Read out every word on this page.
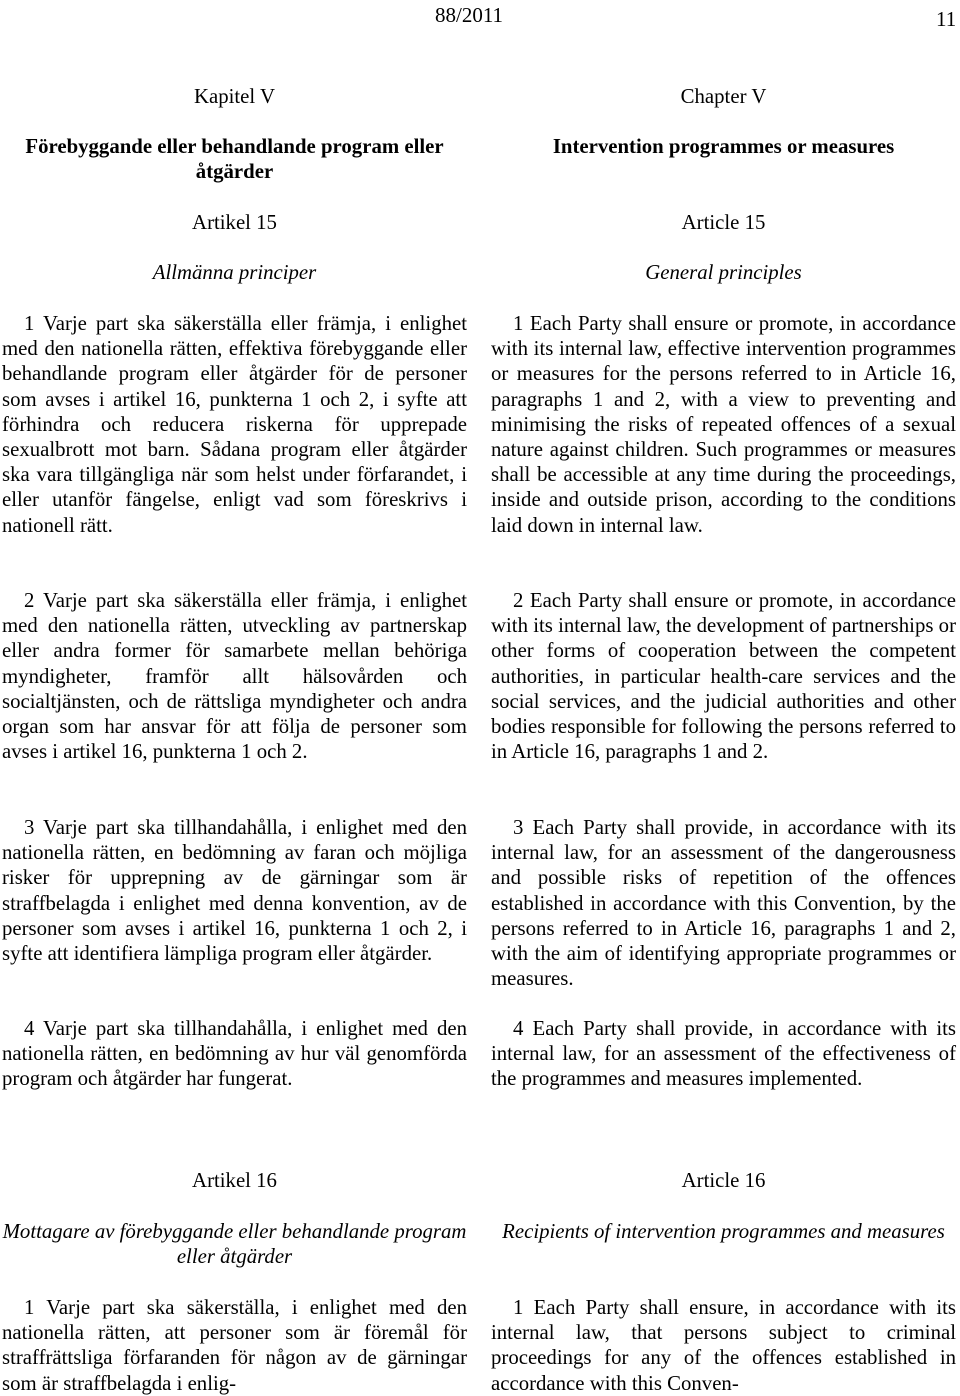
88/2011	11
Kapitel V
Förebyggande eller behandlande program eller åtgärder
Artikel 15
Allmänna principer
1 Varje part ska säkerställa eller främja, i enlighet med den nationella rätten, effektiva förebyggande eller behandlande program eller åtgärder för de personer som avses i artikel 16, punkterna 1 och 2, i syfte att förhindra och reducera riskerna för upprepade sexualbrott mot barn. Sådana program eller åtgärder ska vara tillgängliga när som helst under förfarandet, i eller utanför fängelse, enligt vad som föreskrivs i nationell rätt.
2 Varje part ska säkerställa eller främja, i enlighet med den nationella rätten, utveckling av partnerskap eller andra former för samarbete mellan behöriga myndigheter, framför allt hälsovården och socialtjänsten, och de rättsliga myndigheter och andra organ som har ansvar för att följa de personer som avses i artikel 16, punkterna 1 och 2.
3 Varje part ska tillhandahålla, i enlighet med den nationella rätten, en bedömning av faran och möjliga risker för upprepning av de gärningar som är straffbelagda i enlighet med denna konvention, av de personer som avses i artikel 16, punkterna 1 och 2, i syfte att identifiera lämpliga program eller åtgärder.
4 Varje part ska tillhandahålla, i enlighet med den nationella rätten, en bedömning av hur väl genomförda program och åtgärder har fungerat.
Artikel 16
Mottagare av förebyggande eller behandlande program eller åtgärder
1 Varje part ska säkerställa, i enlighet med den nationella rätten, att personer som är föremål för straffrättsliga förfaranden för någon av de gärningar som är straffbelagda i enlig-
Chapter V
Intervention programmes or measures
Article 15
General principles
1 Each Party shall ensure or promote, in accordance with its internal law, effective intervention programmes or measures for the persons referred to in Article 16, paragraphs 1 and 2, with a view to preventing and minimising the risks of repeated offences of a sexual nature against children. Such programmes or measures shall be accessible at any time during the proceedings, inside and outside prison, according to the conditions laid down in internal law.
2 Each Party shall ensure or promote, in accordance with its internal law, the development of partnerships or other forms of cooperation between the competent authorities, in particular health-care services and the social services, and the judicial authorities and other bodies responsible for following the persons referred to in Article 16, paragraphs 1 and 2.
3 Each Party shall provide, in accordance with its internal law, for an assessment of the dangerousness and possible risks of repetition of the offences established in accordance with this Convention, by the persons referred to in Article 16, paragraphs 1 and 2, with the aim of identifying appropriate programmes or measures.
4 Each Party shall provide, in accordance with its internal law, for an assessment of the effectiveness of the programmes and measures implemented.
Article 16
Recipients of intervention programmes and measures
1 Each Party shall ensure, in accordance with its internal law, that persons subject to criminal proceedings for any of the offences established in accordance with this Conven-
